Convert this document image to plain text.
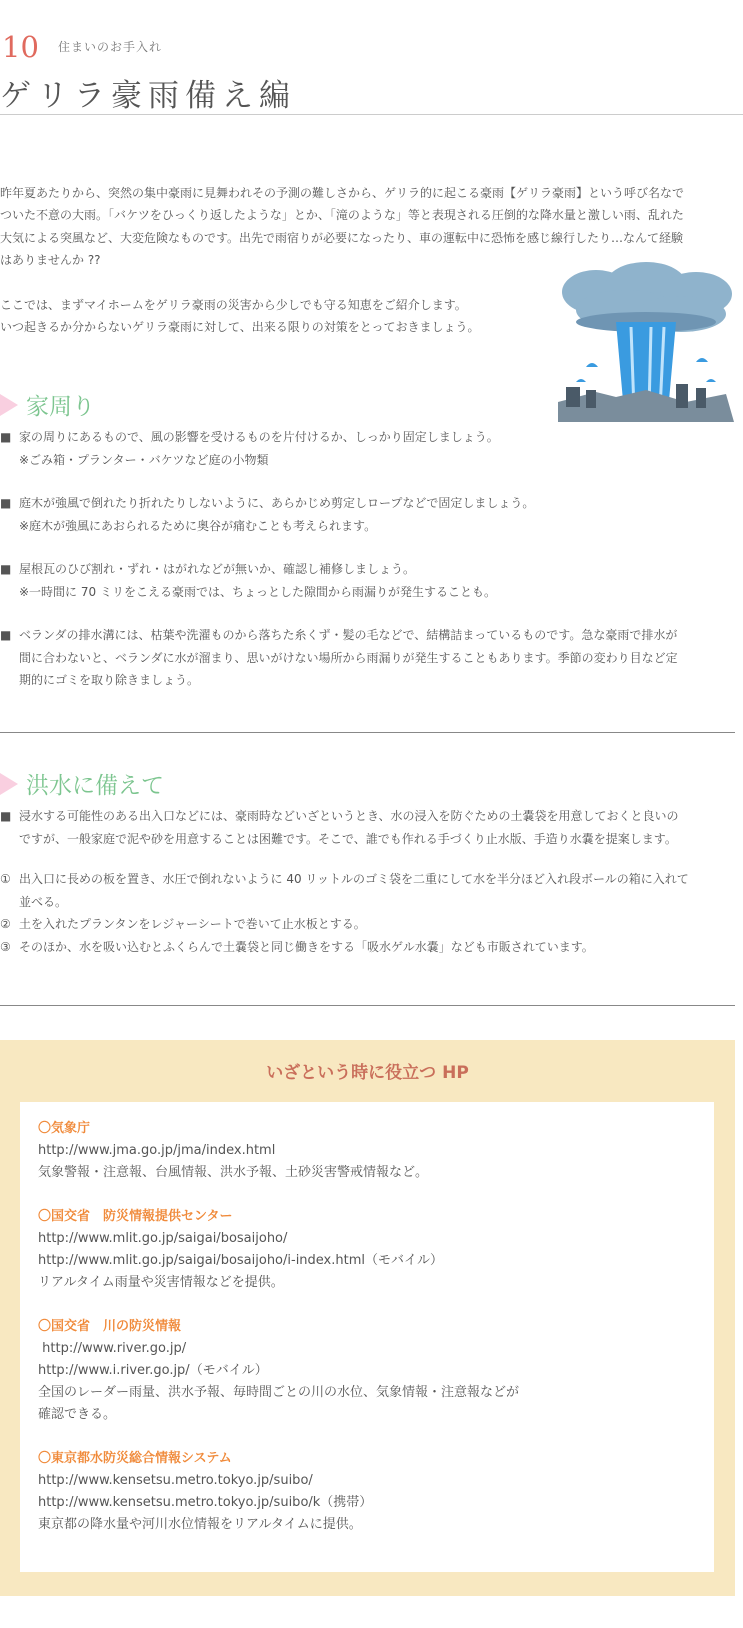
10 住まいのお手入れ
ゲリラ豪雨備え編

昨年夏あたりから、突然の集中豪雨に見舞われその予測の難しさから、ゲリラ的に起こる豪雨【ゲリラ豪雨】という呼び名なで

ついた不意の大雨。「バケツをひっくり返したような」とか、「滝のような」等と表現される圧倒的な降水量と激しい雨、乱れた

大気による突風など、大変危険なものです。出先で雨宿りが必要になったり、車の運転中に恐怖を感じ線行したり…なんて経験

はありませんか ??

ここでは、まずマイホームをゲリラ豪雨の災害から少しでも守る知恵をご紹介します。

いつ起きるか分からないゲリラ豪雨に対して、出来る限りの対策をとっておきましょう。

家周り
■ 家の周りにあるもので、風の影響を受けるものを片付けるか、しっかり固定しましょう。
※ごみ箱・プランター・バケツなど庭の小物類
■ 庭木が強風で倒れたり折れたりしないように、あらかじめ剪定しロープなどで固定しましょう。
※庭木が強風にあおられるために奥谷が痛むことも考えられます。
■ 屋根瓦のひび割れ・ずれ・はがれなどが無いか、確認し補修しましょう。
※一時間に 70 ミリをこえる豪雨では、ちょっとした隙間から雨漏りが発生することも。
■ ベランダの排水溝には、枯葉や洗濯ものから落ちた糸くず・髪の毛などで、結構詰まっているものです。急な豪雨で排水が
間に合わないと、ベランダに水が溜まり、思いがけない場所から雨漏りが発生することもあります。季節の変わり目など定
期的にゴミを取り除きましょう。
洪水に備えて
■ 浸水する可能性のある出入口などには、豪雨時などいざというとき、水の浸入を防ぐための土嚢袋を用意しておくと良いの
ですが、一般家庭で泥や砂を用意することは困難です。そこで、誰でも作れる手づくり止水版、手造り水嚢を提案します。
① 出入口に長めの板を置き、水圧で倒れないように 40 リットルのゴミ袋を二重にして水を半分ほど入れ段ボールの箱に入れて
並べる。
② 土を入れたプランタンをレジャーシートで巻いて止水板とする。
③ そのほか、水を吸い込むとふくらんで土嚢袋と同じ働きをする「吸水ゲル水嚢」なども市販されています。
いざという時に役立つ HP
〇気象庁
http://www.jma.go.jp/jma/index.html
気象警報・注意報、台風情報、洪水予報、土砂災害警戒情報など。
〇国交省　防災情報提供センター
http://www.mlit.go.jp/saigai/bosaijoho/
http://www.mlit.go.jp/saigai/bosaijoho/i-index.html（モバイル）
リアルタイム雨量や災害情報などを提供。
〇国交省　川の防災情報
http://www.river.go.jp/
http://www.i.river.go.jp/（モバイル）
全国のレーダー雨量、洪水予報、毎時間ごとの川の水位、気象情報・注意報などが
確認できる。
〇東京都水防災総合情報システム
http://www.kensetsu.metro.tokyo.jp/suibo/
http://www.kensetsu.metro.tokyo.jp/suibo/k（携帯）
東京都の降水量や河川水位情報をリアルタイムに提供。
